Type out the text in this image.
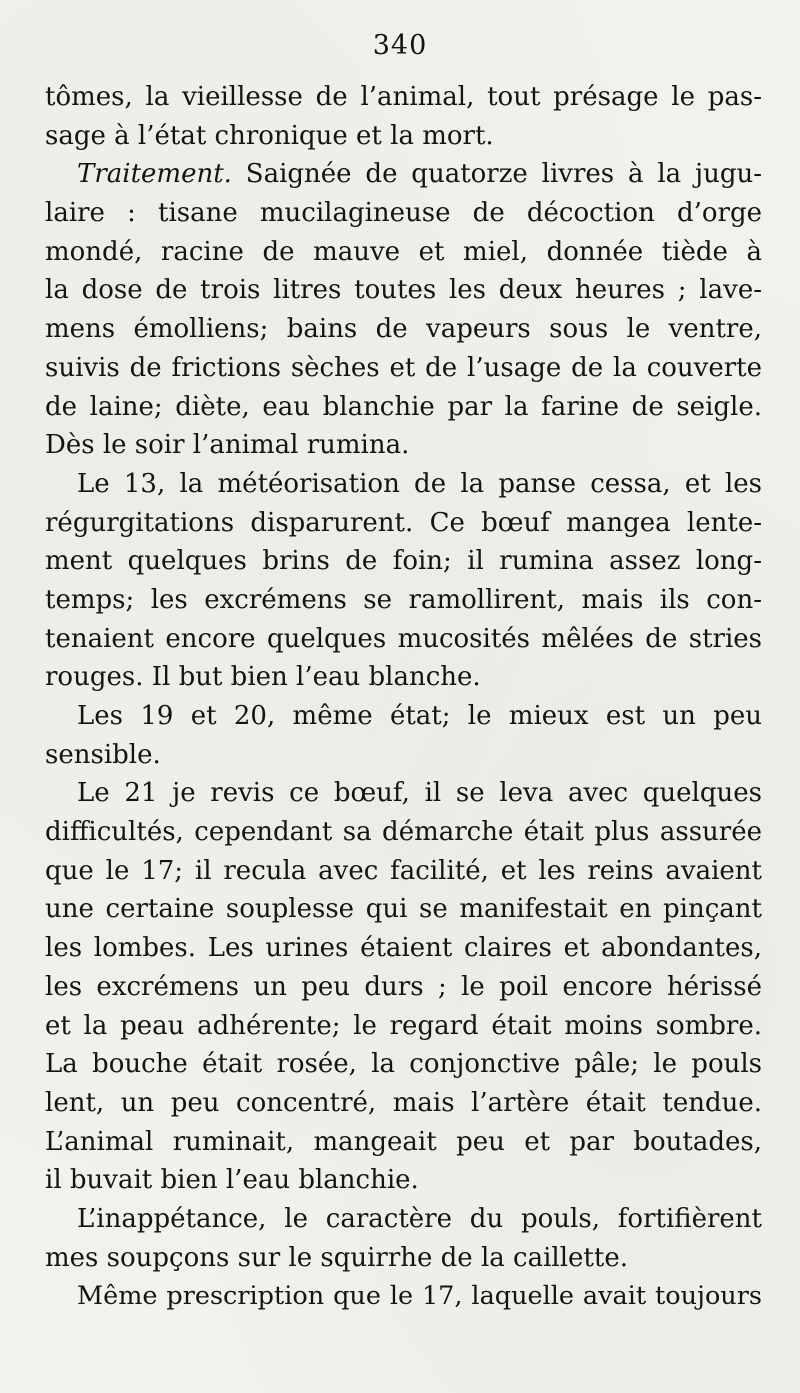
340
tômes, la vieillesse de l’animal, tout présage le pas-
sage à l’état chronique et la mort.
Traitement. Saignée de quatorze livres à la jugu-
laire : tisane mucilagineuse de décoction d’orge
mondé, racine de mauve et miel, donnée tiède à
la dose de trois litres toutes les deux heures ; lave-
mens émolliens; bains de vapeurs sous le ventre,
suivis de frictions sèches et de l’usage de la couverte
de laine; diète, eau blanchie par la farine de seigle.
Dès le soir l’animal rumina.
Le 13, la météorisation de la panse cessa, et les
régurgitations disparurent. Ce bœuf mangea lente-
ment quelques brins de foin; il rumina assez long-
temps; les excrémens se ramollirent, mais ils con-
tenaient encore quelques mucosités mêlées de stries
rouges. Il but bien l’eau blanche.
Les 19 et 20, même état; le mieux est un peu
sensible.
Le 21 je revis ce bœuf, il se leva avec quelques
difficultés, cependant sa démarche était plus assurée
que le 17; il recula avec facilité, et les reins avaient
une certaine souplesse qui se manifestait en pinçant
les lombes. Les urines étaient claires et abondantes,
les excrémens un peu durs ; le poil encore hérissé
et la peau adhérente; le regard était moins sombre.
La bouche était rosée, la conjonctive pâle; le pouls
lent, un peu concentré, mais l’artère était tendue.
L’animal ruminait, mangeait peu et par boutades,
il buvait bien l’eau blanchie.
L’inappétance, le caractère du pouls, fortifièrent
mes soupçons sur le squirrhe de la caillette.
Même prescription que le 17, laquelle avait toujours
